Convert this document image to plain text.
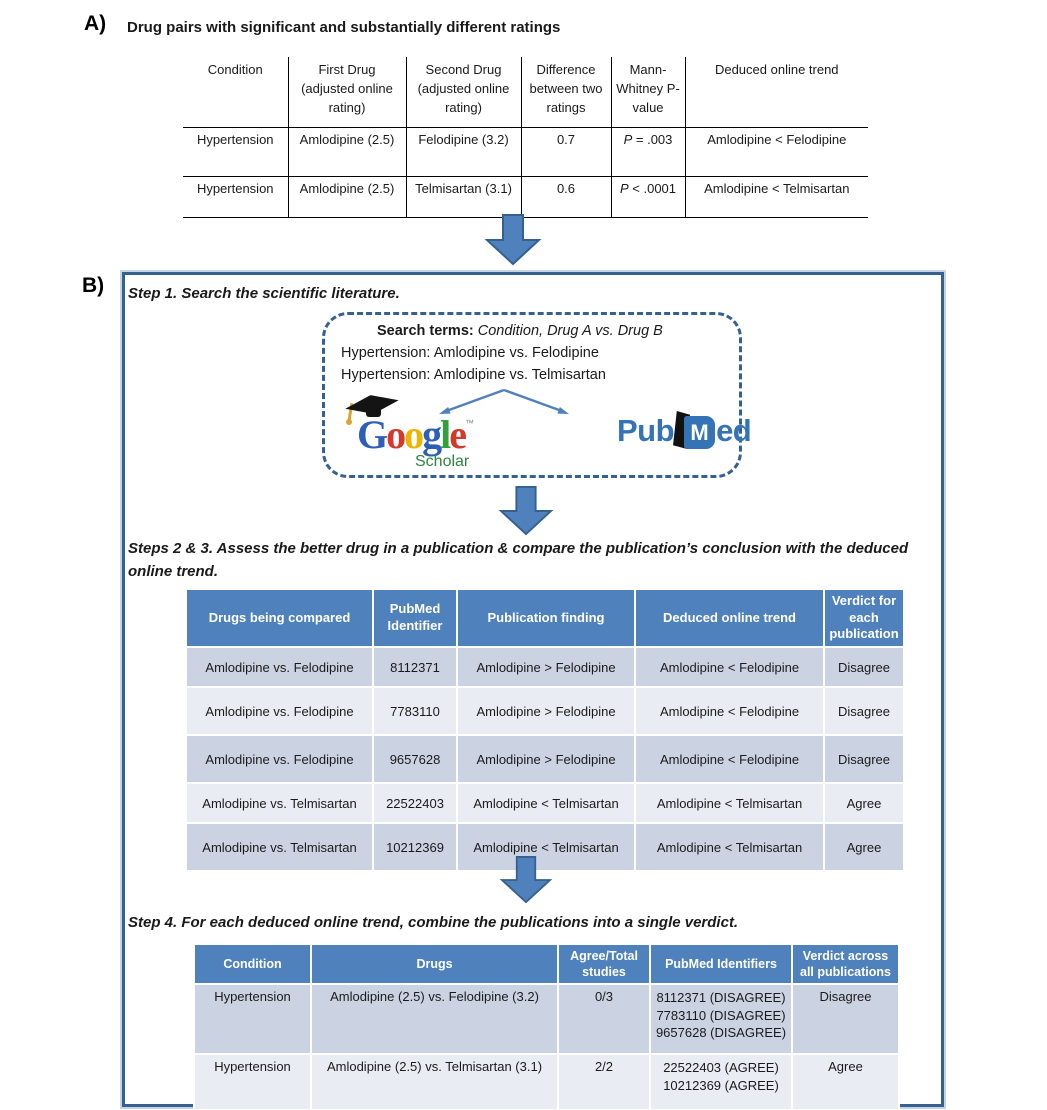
A) Drug pairs with significant and substantially different ratings
Condition	First Drug (adjusted online rating)	Second Drug (adjusted online rating)	Difference between two ratings	Mann-Whitney P-value	Deduced online trend
Hypertension	Amlodipine (2.5)	Felodipine (3.2)	0.7	P = .003	Amlodipine < Felodipine
Hypertension	Amlodipine (2.5)	Telmisartan (3.1)	0.6	P < .0001	Amlodipine < Telmisartan
B) Step 1. Search the scientific literature.
Search terms: Condition, Drug A vs. Drug B
Hypertension: Amlodipine vs. Felodipine
Hypertension: Amlodipine vs. Telmisartan
Google™
Scholar
Pub M ed
Steps 2 & 3. Assess the better drug in a publication & compare the publication’s conclusion with the deduced online trend.
Drugs being compared	PubMed Identifier	Publication finding	Deduced online trend	Verdict for each publication
Amlodipine vs. Felodipine	8112371	Amlodipine > Felodipine	Amlodipine < Felodipine	Disagree
Amlodipine vs. Felodipine	7783110	Amlodipine > Felodipine	Amlodipine < Felodipine	Disagree
Amlodipine vs. Felodipine	9657628	Amlodipine > Felodipine	Amlodipine < Felodipine	Disagree
Amlodipine vs. Telmisartan	22522403	Amlodipine < Telmisartan	Amlodipine < Telmisartan	Agree
Amlodipine vs. Telmisartan	10212369	Amlodipine < Telmisartan	Amlodipine < Telmisartan	Agree
Step 4. For each deduced online trend, combine the publications into a single verdict.
Condition	Drugs	Agree/Total studies	PubMed Identifiers	Verdict across all publications
Hypertension	Amlodipine (2.5) vs. Felodipine (3.2)	0/3	8112371 (DISAGREE)
7783110 (DISAGREE)
9657628 (DISAGREE)	Disagree
Hypertension	Amlodipine (2.5) vs. Telmisartan (3.1)	2/2	22522403 (AGREE)
10212369 (AGREE)	Agree
